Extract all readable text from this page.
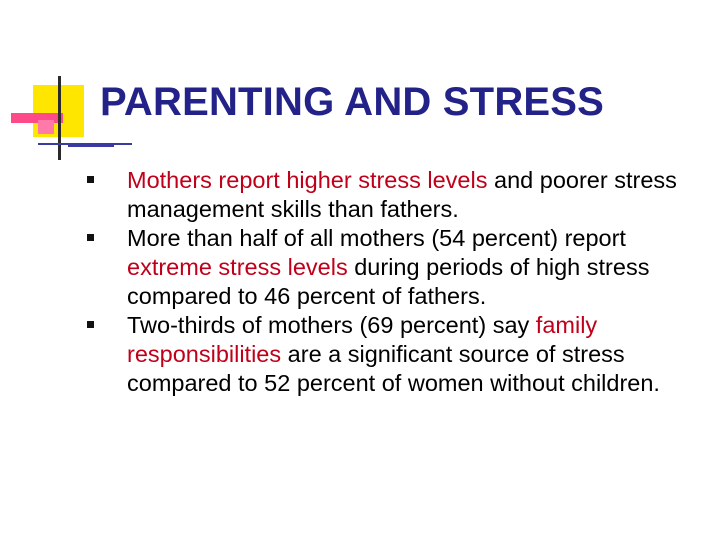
PARENTING AND STRESS
Mothers report higher stress levels and poorer stress management skills than fathers.
More than half of all mothers (54 percent) report extreme stress levels during periods of high stress compared to 46 percent of fathers.
Two-thirds of mothers (69 percent) say family responsibilities are a significant source of stress compared to 52 percent of women without children.
